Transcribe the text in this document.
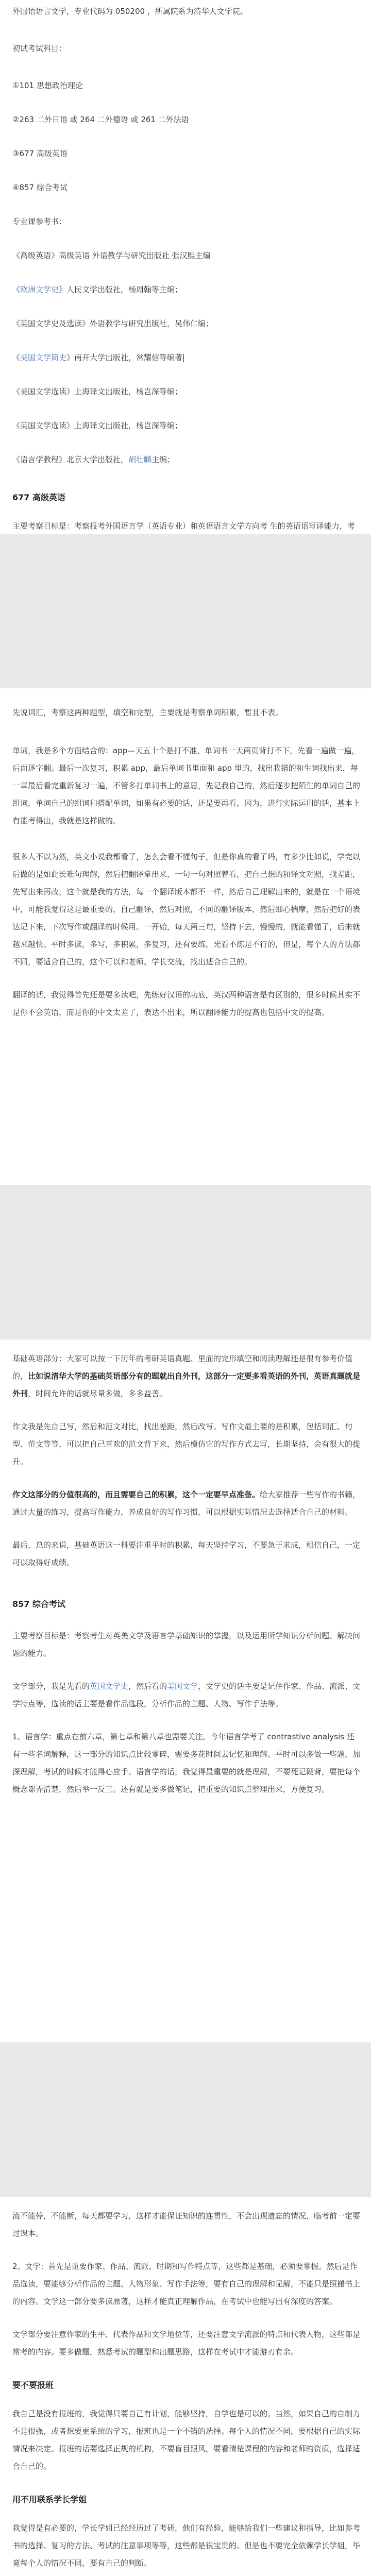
外国语语言文学，专业代码为 050200 ，所属院系为清华人文学院。

初试考试科目：

①101 思想政治理论

②263 二外日语 或 264 二外德语 或 261 二外法语

③677 高级英语

④857 综合考试

专业课参考书：

《高级英语》高级英语 外语教学与研究出版社 张汉熙主编

《欧洲文学史》人民文学出版社，杨周翰等主编；

《英国文学史及选读》外语教学与研究出版社，吴伟仁编；

《美国文学简史》南开大学出版社，常耀信等编著

《美国文学选读》上海译文出版社，杨岂深等编；

《英国文学选读》上海译文出版社，杨岂深等编；

《语言学教程》北京大学出版社，胡壮麟主编；

677 高级英语

主要考察目标是：考察报考外国语言学（英语专业）和英语语言文学方向考 生的英语语写译能力，考

先说词汇，考察这两种题型，填空和完型，主要就是考察单词积累，暂且不表。

单词，我是多个方面结合的：app—天五十个是打不准，单词书一天两页背打不下，先看一遍做一遍，后面逐字翻。最后一次复习，积累 app，最后单词书里面和 app 里的，找出我错的和生词找出来，每一章最后看完重新复习一遍，不管多打单词书上的意思，先记我自己的，然后逐步把陌生的单词自己的组词，单词自己的组词和搭配单词，如果有必要的话，还是要再看，因为，进行实际运用的话，基本上有能考得出，我就是这样做的。

很多人不以为然，英文小说我都看了，怎么会看不懂句子，但是你真的看了吗，有多少比如说，学完以后做的是如此长难句理解，然后把翻译拿出来，一句一句对照着看，把自己想的和译文对照，找差距，先写出来再改，这个就是我的方法，每一个翻译版本都不一样，然后自己理解出来的，就是在一个语境中，可能我觉得这是最重要的，自己翻译，然后对照，不同的翻译版本，然后细心揣摩，然后把好的表达记下来，下次写作或翻译的时候用。一开始，每天两三句，坚持下去，慢慢的，就能看懂了，后来就越来越快。平时多读，多写，多积累，多复习，还有要练，光看不练是不行的，但是，每个人的方法都不同，要适合自己的，这个可以和老师、学长交流，找出适合自己的。

翻译的话，我觉得首先还是要多读吧，先练好汉语的功底，英汉两种语言是有区别的，很多时候其实不是你不会英语，而是你的中文太差了，表达不出来，所以翻译能力的提高也包括中文的提高。

基础英语部分：大家可以按一下历年的考研英语真题、里面的完形填空和阅读理解还是很有参考价值的，比如说清华大学的基础英语部分有的题就出自外刊，这部分一定要多看英语的外刊，英语真题就是外刊，时间允许的话就尽量多做，多多益善。

作文我是先自己写，然后和范文对比，找出差距，然后改写。写作文最主要的是积累，包括词汇、句型、范文等等，可以把自己喜欢的范文背下来，然后模仿它的写作方式去写，长期坚持，会有很大的提升。

作文这部分的分值很高的，而且需要自己的积累，这个一定要早点准备。给大家推荐一些写作的书籍，通过大量的练习，提高写作能力，养成良好的写作习惯，可以根据实际情况去选择适合自己的材料。

最后，总的来说，基础英语这一科要注重平时的积累，每天坚持学习，不要急于求成，相信自己，一定可以取得好成绩。

857 综合考试

主要考察目标是：考察考生对英美文学及语言学基础知识的掌握，以及运用所学知识分析问题、解决问题的能力。

文学部分，我是先看的英国文学史，然后看的美国文学，文学史的话主要是记住作家、作品、流派、文学特点等，选读的话主要是看作品选段，分析作品的主题、人物、写作手法等。

1、语言学：重点在前六章，第七章和第八章也需要关注。今年语言学考了 contrastive analysis 还有一些名词解释，这一部分的知识点比较零碎，需要多花时间去记忆和理解。平时可以多做一些题，加深理解，考试的时候才能得心应手。语言学的话，我觉得最重要的就是理解，不要死记硬背，要把每个概念都弄清楚，然后举一反三。还有就是要多做笔记，把重要的知识点整理出来，方便复习。

流不能停，不能断，每天都要学习，这样才能保证知识的连贯性，不会出现遗忘的情况，临考前一定要过课本。

2、文学：首先是重要作家、作品、流派、时期和写作特点等，这些都是基础，必须要掌握。然后是作品选读，要能够分析作品的主题、人物形象、写作手法等，要有自己的理解和见解，不能只是照搬书上的内容。文学这一部分要多读原著，这样才能真正理解作品，在考试中也能写出有深度的答案。

文学部分要注意作家的生平、代表作品和文学地位等，还要注意文学流派的特点和代表人物，这些都是常考的内容。要多做题，熟悉考试的题型和出题思路，这样在考试中才能游刃有余。

要不要报班

我自己是没有报班的，我觉得只要自己有计划，能够坚持，自学也是可以的。当然，如果自己的自制力不是很强，或者想要更系统的学习，报班也是一个不错的选择。每个人的情况不同，要根据自己的实际情况来决定。报班的话要选择正规的机构，不要盲目跟风，要看清楚课程的内容和老师的资质，选择适合自己的。

用不用联系学长学姐

我觉得是有必要的，学长学姐已经经历过了考研，他们有经验，能够给我们一些建议和指导，比如参考书的选择、复习的方法、考试的注意事项等等，这些都是很宝贵的。但是也不要完全依赖学长学姐，毕竟每个人的情况不同，要有自己的判断。
